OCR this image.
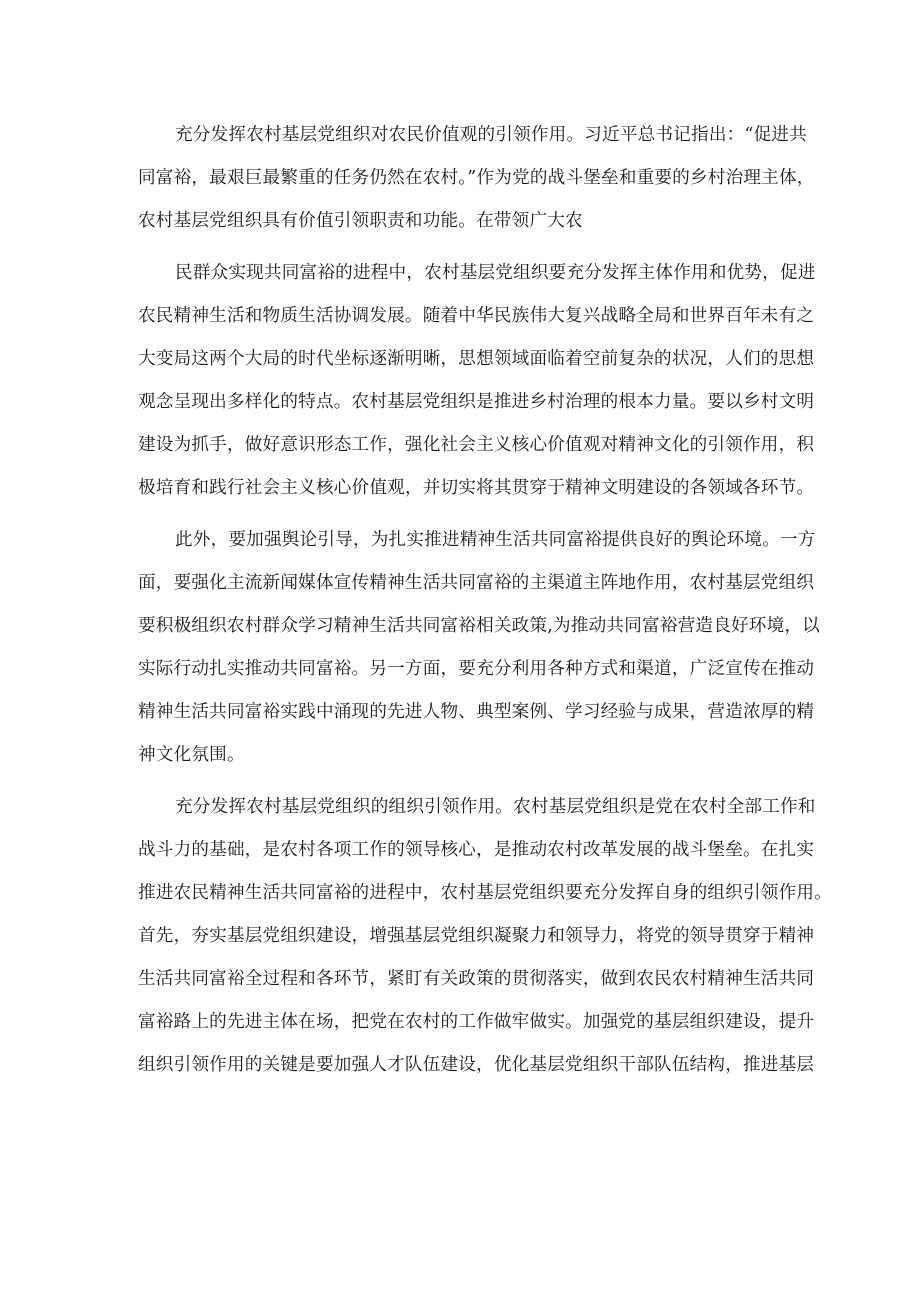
充分发挥农村基层党组织对农民价值观的引领作用。习近平总书记指出：“促进共
同富裕，最艰巨最繁重的任务仍然在农村。”作为党的战斗堡垒和重要的乡村治理主体，
农村基层党组织具有价值引领职责和功能。在带领广大农
民群众实现共同富裕的进程中，农村基层党组织要充分发挥主体作用和优势，促进
农民精神生活和物质生活协调发展。随着中华民族伟大复兴战略全局和世界百年未有之
大变局这两个大局的时代坐标逐渐明晰，思想领域面临着空前复杂的状况，人们的思想
观念呈现出多样化的特点。农村基层党组织是推进乡村治理的根本力量。要以乡村文明
建设为抓手，做好意识形态工作，强化社会主义核心价值观对精神文化的引领作用，积
极培育和践行社会主义核心价值观，并切实将其贯穿于精神文明建设的各领域各环节。
此外，要加强舆论引导，为扎实推进精神生活共同富裕提供良好的舆论环境。一方
面，要强化主流新闻媒体宣传精神生活共同富裕的主渠道主阵地作用，农村基层党组织
要积极组织农村群众学习精神生活共同富裕相关政策,为推动共同富裕营造良好环境，以
实际行动扎实推动共同富裕。另一方面，要充分利用各种方式和渠道，广泛宣传在推动
精神生活共同富裕实践中涌现的先进人物、典型案例、学习经验与成果，营造浓厚的精
神文化氛围。
充分发挥农村基层党组织的组织引领作用。农村基层党组织是党在农村全部工作和
战斗力的基础，是农村各项工作的领导核心，是推动农村改革发展的战斗堡垒。在扎实
推进农民精神生活共同富裕的进程中，农村基层党组织要充分发挥自身的组织引领作用。
首先，夯实基层党组织建设，增强基层党组织凝聚力和领导力，将党的领导贯穿于精神
生活共同富裕全过程和各环节，紧盯有关政策的贯彻落实，做到农民农村精神生活共同
富裕路上的先进主体在场，把党在农村的工作做牢做实。加强党的基层组织建设，提升
组织引领作用的关键是要加强人才队伍建设，优化基层党组织干部队伍结构，推进基层
